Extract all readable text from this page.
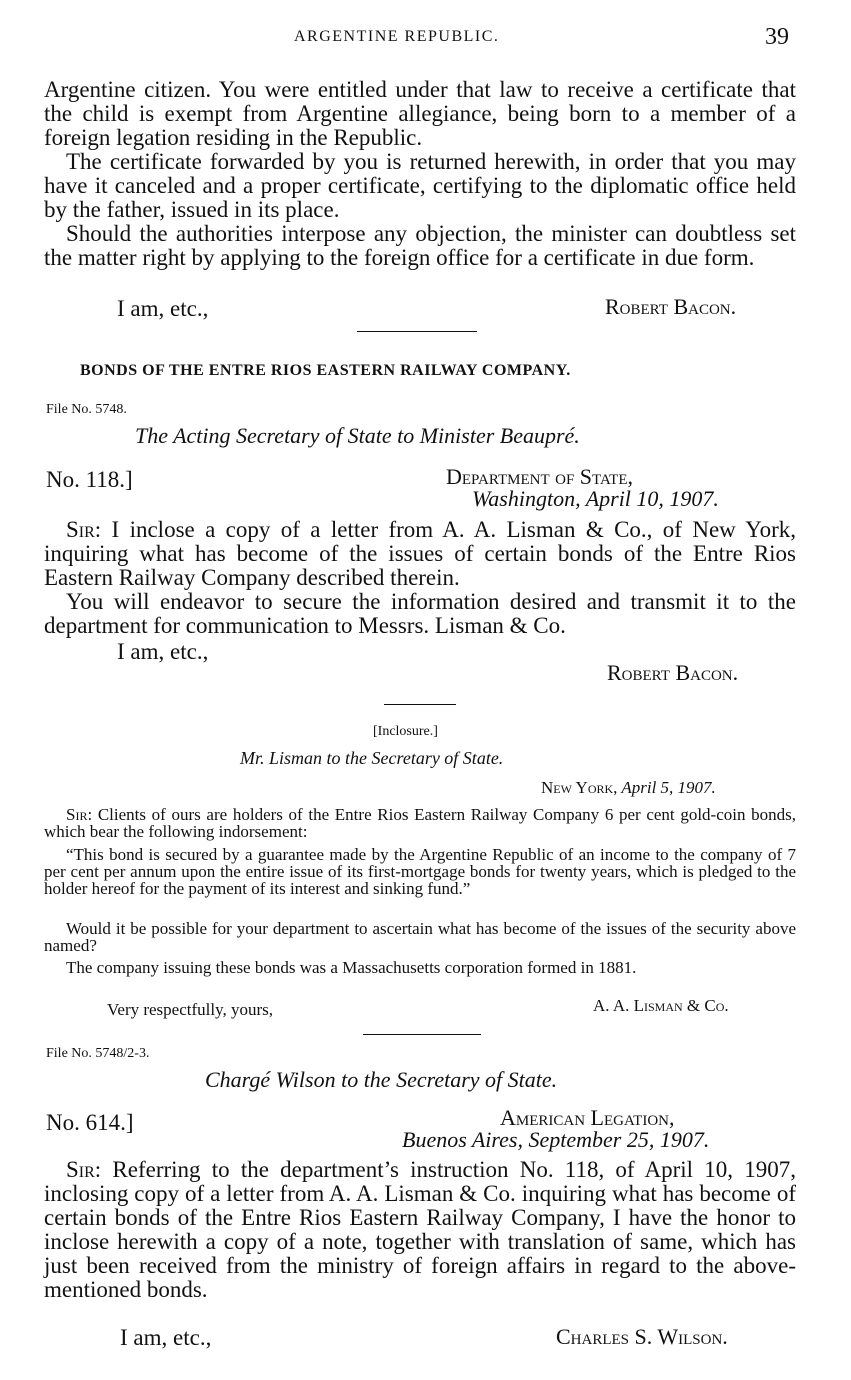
ARGENTINE REPUBLIC.	39
Argentine citizen. You were entitled under that law to receive a certificate that the child is exempt from Argentine allegiance, being born to a member of a foreign legation residing in the Republic.
The certificate forwarded by you is returned herewith, in order that you may have it canceled and a proper certificate, certifying to the diplomatic office held by the father, issued in its place.
Should the authorities interpose any objection, the minister can doubtless set the matter right by applying to the foreign office for a certificate in due form.
I am, etc.,	Robert Bacon.
BONDS OF THE ENTRE RIOS EASTERN RAILWAY COMPANY.
File No. 5748.
The Acting Secretary of State to Minister Beaupré.
No. 118.]	Department of State,
Washington, April 10, 1907.
Sir: I inclose a copy of a letter from A. A. Lisman & Co., of New York, inquiring what has become of the issues of certain bonds of the Entre Rios Eastern Railway Company described therein.
You will endeavor to secure the information desired and transmit it to the department for communication to Messrs. Lisman & Co.
I am, etc.,
Robert Bacon.
[Inclosure.]
Mr. Lisman to the Secretary of State.
New York, April 5, 1907.
Sir: Clients of ours are holders of the Entre Rios Eastern Railway Company 6 per cent gold-coin bonds, which bear the following indorsement:
“This bond is secured by a guarantee made by the Argentine Republic of an income to the company of 7 per cent per annum upon the entire issue of its first-mortgage bonds for twenty years, which is pledged to the holder hereof for the payment of its interest and sinking fund.”
Would it be possible for your department to ascertain what has become of the issues of the security above named?
The company issuing these bonds was a Massachusetts corporation formed in 1881.
Very respectfully, yours,	A. A. Lisman & Co.
File No. 5748/2-3.
Chargé Wilson to the Secretary of State.
No. 614.]	American Legation,
Buenos Aires, September 25, 1907.
Sir: Referring to the department’s instruction No. 118, of April 10, 1907, inclosing copy of a letter from A. A. Lisman & Co. inquiring what has become of certain bonds of the Entre Rios Eastern Railway Company, I have the honor to inclose herewith a copy of a note, together with translation of same, which has just been received from the ministry of foreign affairs in regard to the above-mentioned bonds.
I am, etc.,	Charles S. Wilson.
